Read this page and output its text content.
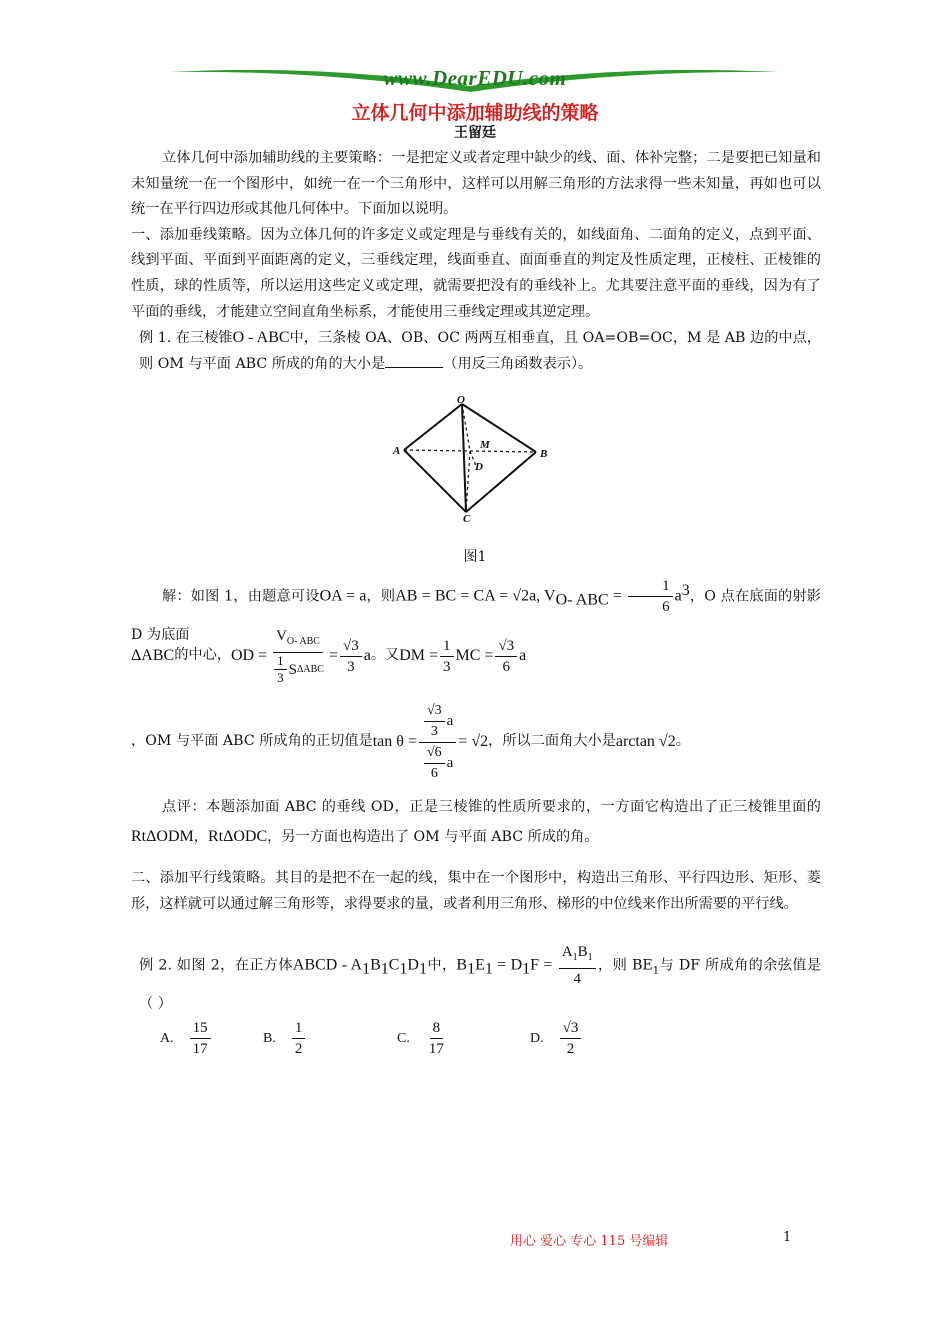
www.DearEDU.com
立体几何中添加辅助线的策略
王留廷

立体几何中添加辅助线的主要策略：一是把定义或者定理中缺少的线、面、体补完整；二是要把已知量和未知量统一在一个图形中，如统一在一个三角形中，这样可以用解三角形的方法求得一些未知量，再如也可以统一在平行四边形或其他几何体中。下面加以说明。

一、添加垂线策略。因为立体几何的许多定义或定理是与垂线有关的，如线面角、二面角的定义，点到平面、线到平面、平面到平面距离的定义，三垂线定理，线面垂直、面面垂直的判定及性质定理，正棱柱、正棱锥的性质，球的性质等，所以运用这些定义或定理，就需要把没有的垂线补上。尤其要注意平面的垂线，因为有了平面的垂线，才能建立空间直角坐标系，才能使用三垂线定理或其逆定理。

例 1. 在三棱锥O - ABC中，三条棱 OA、OB、OC 两两互相垂直，且 OA=OB=OC，M 是 AB 边的中点，则 OM 与平面 ABC 所成的角的大小是	（用反三角函数表示）。

O
A	B
C
M
D
图1

解：如图 1，由题意可设OA = a，则AB = BC = CA = √2a, $V_{O- ABC} = \frac{1}{6} a^3$，O 点在底面的射影 D 为底面

ΔABC 的中心， OD = $\frac{V_{O- ABC}}{\frac{1}{3} S \Delta ABC} = \frac{√3}{3}$ a 。又 DM = $\frac{1}{3}$ MC = $\frac{√3}{6}$ a
，OM 与平面 ABC 所成角的正切值是 $\tan \theta = \frac{\frac{√3}{3} a}{\frac{√6}{6} a} = √2$ ，所以二面角大小是 arctan √2 。

点评：本题添加面 ABC 的垂线 OD，正是三棱锥的性质所要求的，一方面它构造出了正三棱锥里面的RtΔODM，RtΔODC，另一方面也构造出了 OM 与平面 ABC 所成的角。

二、添加平行线策略。其目的是把不在一起的线，集中在一个图形中，构造出三角形、平行四边形、矩形、菱形，这样就可以通过解三角形等，求得要求的量，或者利用三角形、梯形的中位线来作出所需要的平行线。

例 2. 如图 2，在正方体ABCD - $A_1B_1C_1D_1$中，$B_1E_1 = D_1F = \frac{A_1B_1}{4}$ ，则 $BE_1$与 DF 所成角的余弦值是（ ）

A. $\frac{15}{17}$	B. $\frac{1}{2}$	C. $\frac{8}{17}$	D. $\frac{√3}{2}$
用心 爱心 专心 115 号编辑	1
